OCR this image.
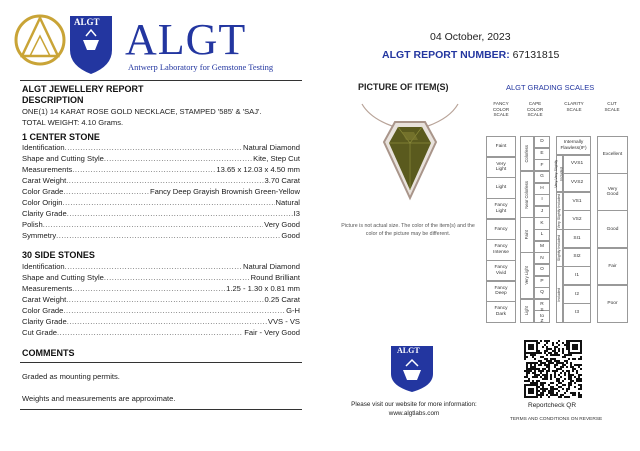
ALGT ALGT
Antwerp Laboratory for Gemstone Testing
04 October, 2023
ALGT REPORT NUMBER: 67131815
ALGT JEWELLERY REPORT
DESCRIPTION
ONE(1) 14 KARAT ROSE GOLD NECKLACE, STAMPED '585' & 'SAJ'.
TOTAL WEIGHT: 4.10 Grams.
1 CENTER STONE
Identification .....	Natural Diamond
Shape and Cutting Style .....	Kite, Step Cut
Measurements .....	13.65 x 12.03 x 4.50 mm
Carat Weight .....	3.70 Carat
Color Grade .....	Fancy Deep Grayish Brownish Green-Yellow
Color Origin .....	Natural
Clarity Grade .....	I3
Polish .....	Very Good
Symmetry .....	Good
30 SIDE STONES
Identification .....	Natural Diamond
Shape and Cutting Style .....	Round Brilliant
Measurements .....	1.25 - 1.30 x 0.81 mm
Carat Weight .....	0.25 Carat
Color Grade .....	G-H
Clarity Grade .....	VVS - VS
Cut Grade .....	Fair - Very Good
COMMENTS
Graded as mounting permits.
Weights and measurements are approximate.
PICTURE OF ITEM(S)
Picture is not actual size. The color of the item(s) and the color of the picture may be different.
ALGT
Please visit our website for more information:
www.algtlabs.com
ALGT GRADING SCALES
FANCY
COLOR
SCALE
CAPE
COLOR
SCALE
CLARITY
SCALE
CUT
SCALE
Faint
Very
Light
Light
Fancy
Light
Fancy
Fancy
Intense
Fancy
Vivid
Fancy
Deep
Fancy
Dark
D
E
F
G
H
I
J
K
L
M
N
O
P
Q
R
S
to
Z
Internally
Flawless(IF)
VVS1
VVS2
VS1
VS2
SI1
SI2
I1
I2
I3
Excellent
Very
Good
Good
Fair
Poor
Colorless
Near Colorless
Faint
Very Light
Light
Very Very Slightly Included
Very Slightly Included
Slightly Included
Included
Reportcheck QR
TERMS AND CONDITIONS ON REVERSE
